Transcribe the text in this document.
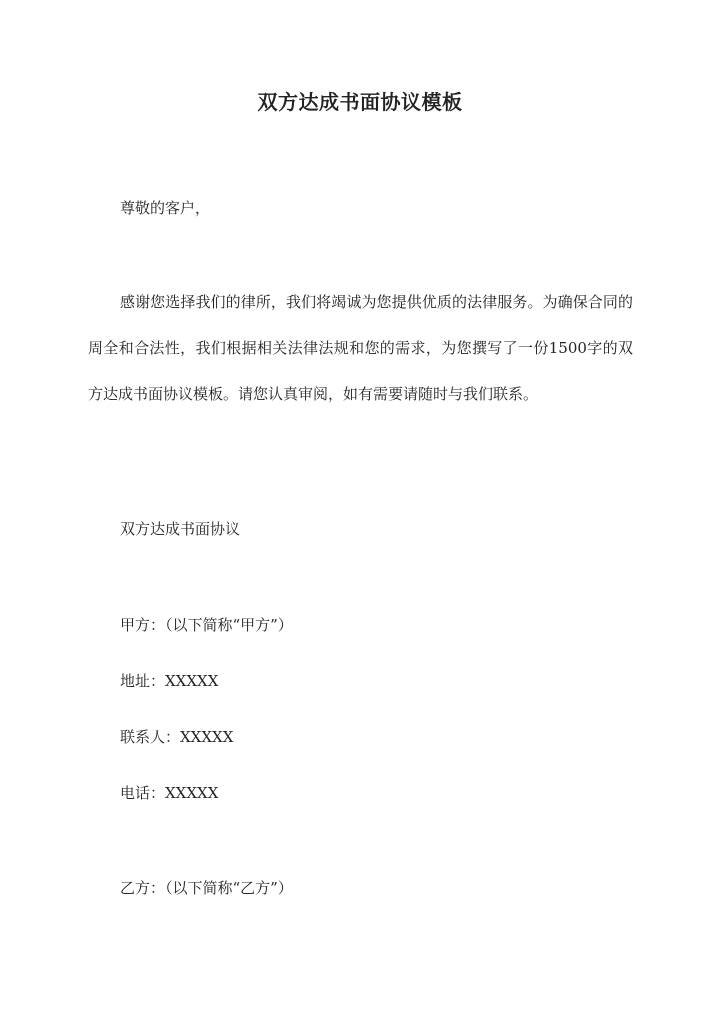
双方达成书面协议模板
尊敬的客户，
感谢您选择我们的律所，我们将竭诚为您提供优质的法律服务。为确保合同的周全和合法性，我们根据相关法律法规和您的需求，为您撰写了一份1500字的双方达成书面协议模板。请您认真审阅，如有需要请随时与我们联系。
双方达成书面协议
甲方：（以下简称“甲方”）
地址：XXXXX
联系人：XXXXX
电话：XXXXX
乙方：（以下简称“乙方”）
